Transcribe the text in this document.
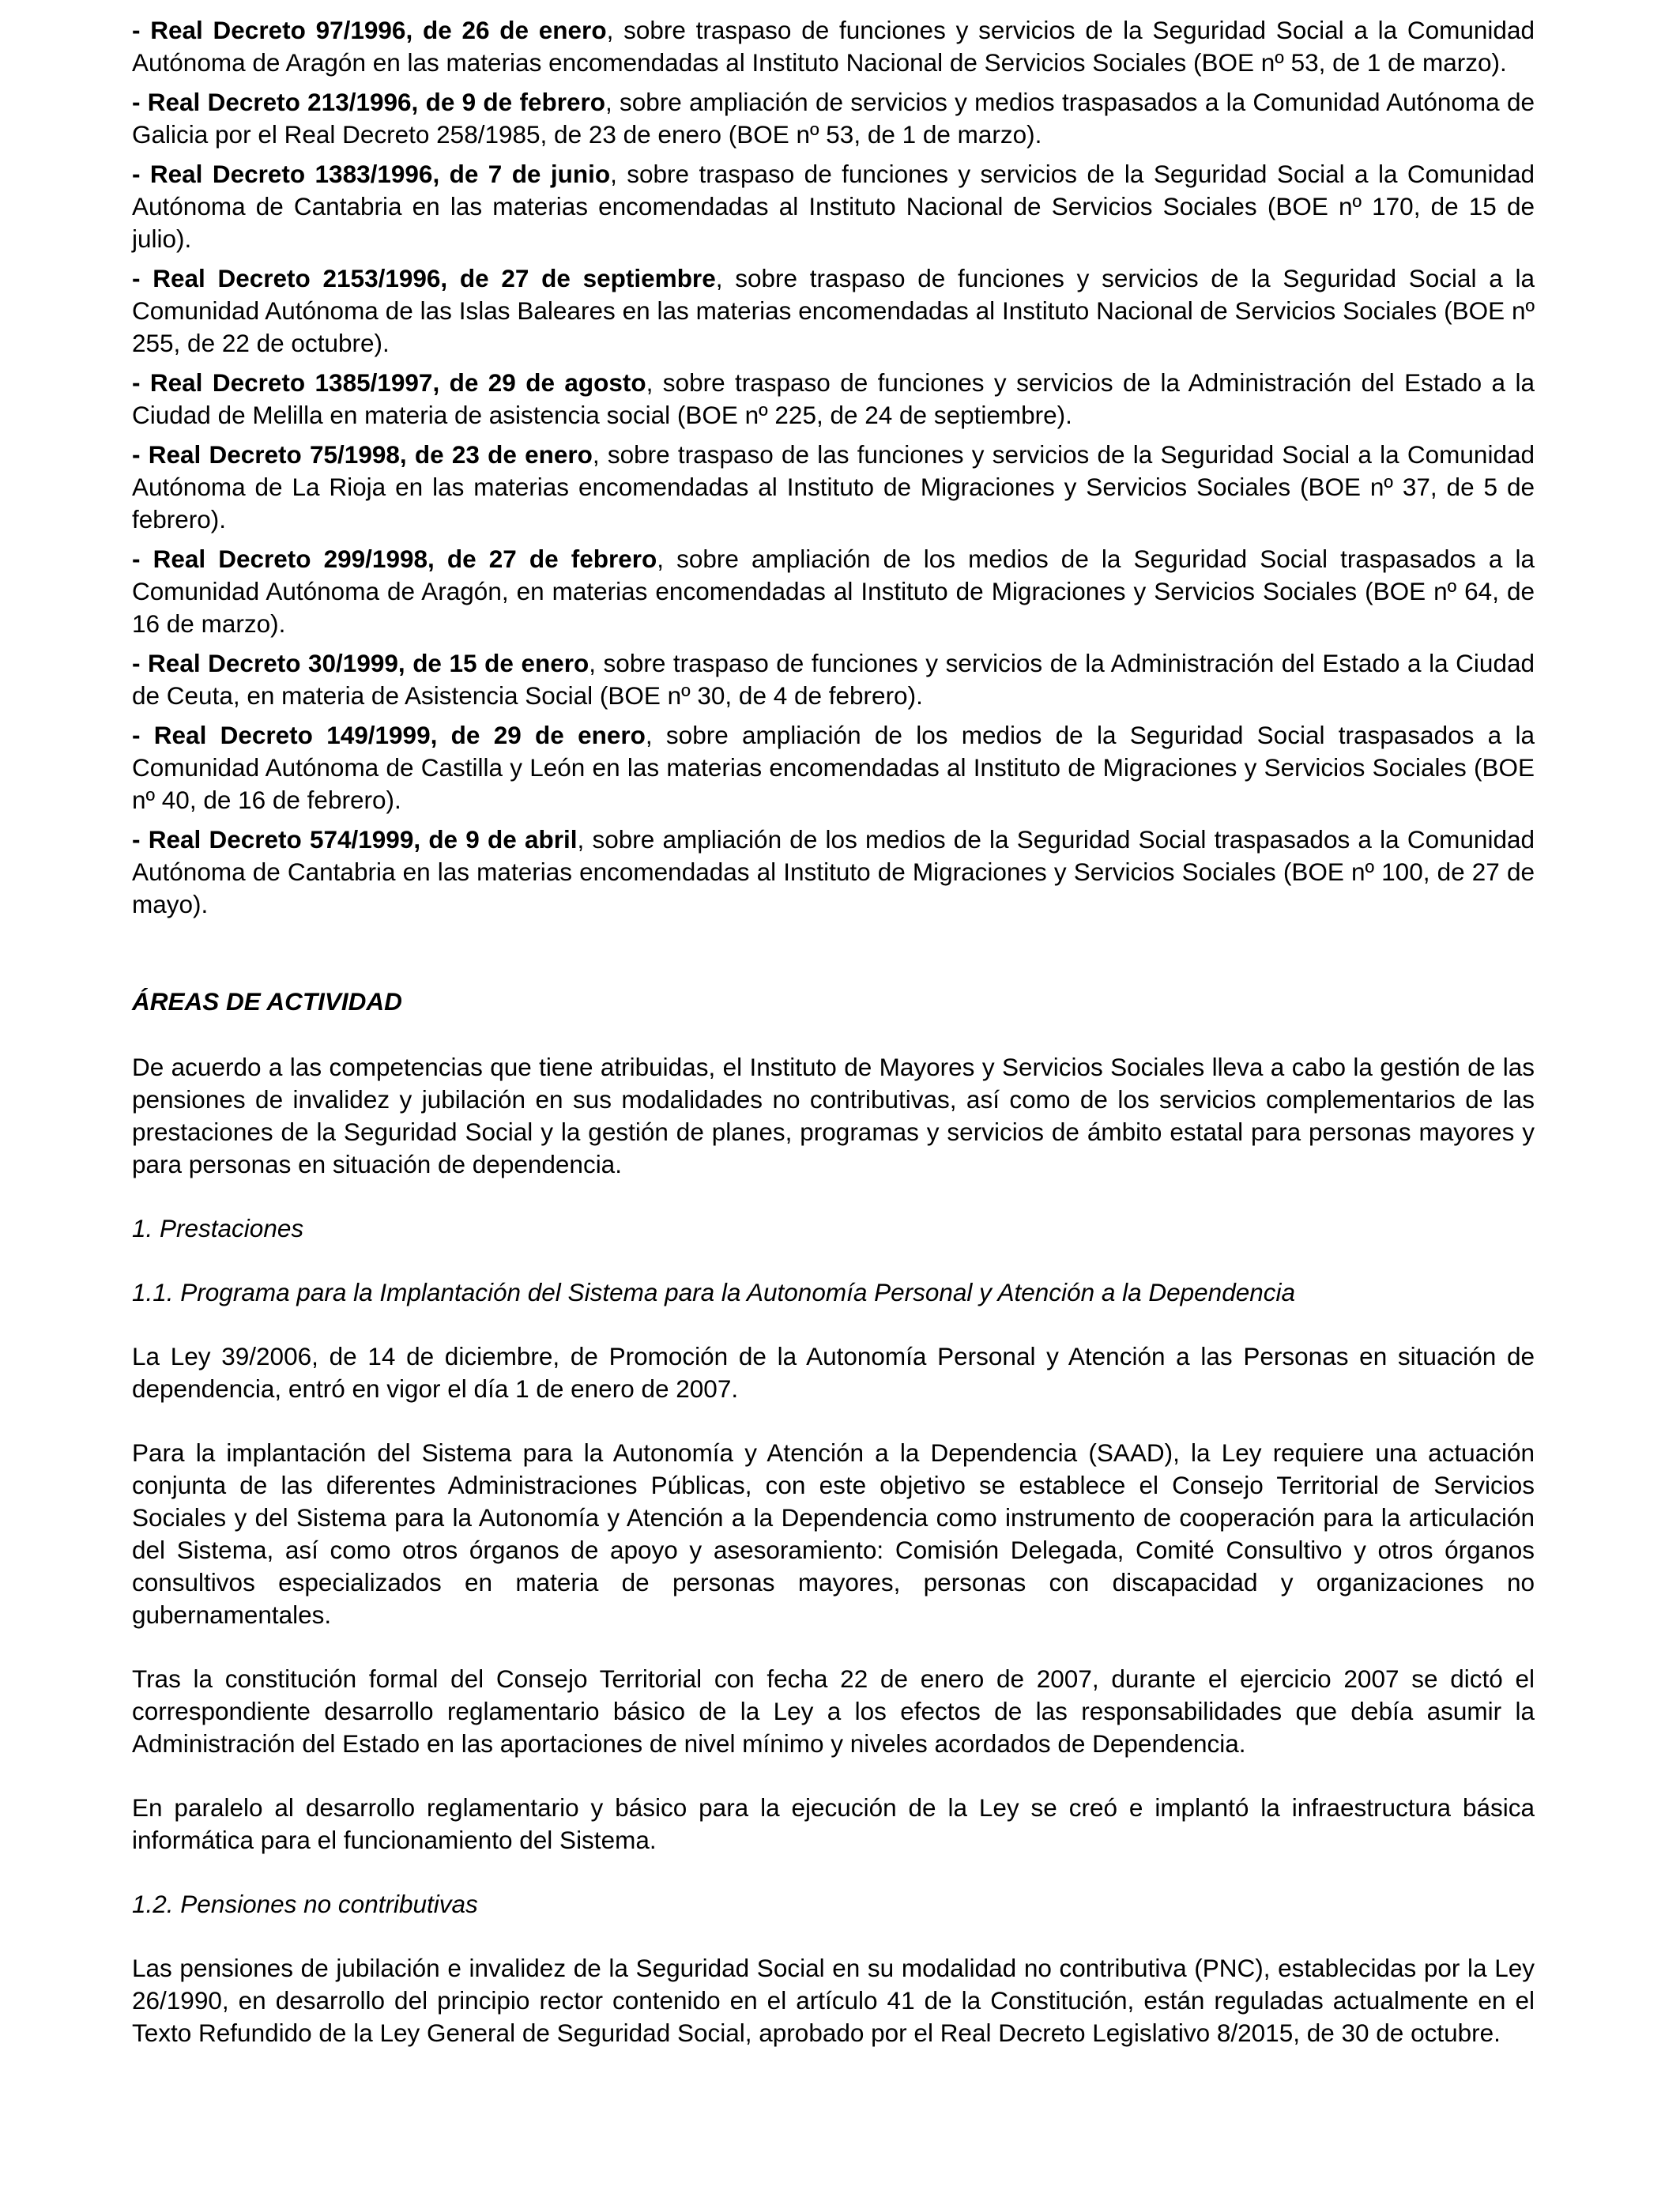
- Real Decreto 97/1996, de 26 de enero, sobre traspaso de funciones y servicios de la Seguridad Social a la Comunidad Autónoma de Aragón en las materias encomendadas al Instituto Nacional de Servicios Sociales (BOE nº 53, de 1 de marzo).

- Real Decreto 213/1996, de 9 de febrero, sobre ampliación de servicios y medios traspasados a la Comunidad Autónoma de Galicia por el Real Decreto 258/1985, de 23 de enero (BOE nº 53, de 1 de marzo).

- Real Decreto 1383/1996, de 7 de junio, sobre traspaso de funciones y servicios de la Seguridad Social a la Comunidad Autónoma de Cantabria en las materias encomendadas al Instituto Nacional de Servicios Sociales (BOE nº 170, de 15 de julio).

- Real Decreto 2153/1996, de 27 de septiembre, sobre traspaso de funciones y servicios de la Seguridad Social a la Comunidad Autónoma de las Islas Baleares en las materias encomendadas al Instituto Nacional de Servicios Sociales (BOE nº 255, de 22 de octubre).

- Real Decreto 1385/1997, de 29 de agosto, sobre traspaso de funciones y servicios de la Administración del Estado a la Ciudad de Melilla en materia de asistencia social (BOE nº 225, de 24 de septiembre).

- Real Decreto 75/1998, de 23 de enero, sobre traspaso de las funciones y servicios de la Seguridad Social a la Comunidad Autónoma de La Rioja en las materias encomendadas al Instituto de Migraciones y Servicios Sociales (BOE nº 37, de 5 de febrero).

- Real Decreto 299/1998, de 27 de febrero, sobre ampliación de los medios de la Seguridad Social traspasados a la Comunidad Autónoma de Aragón, en materias encomendadas al Instituto de Migraciones y Servicios Sociales (BOE nº 64, de 16 de marzo).

- Real Decreto 30/1999, de 15 de enero, sobre traspaso de funciones y servicios de la Administración del Estado a la Ciudad de Ceuta, en materia de Asistencia Social (BOE nº 30, de 4 de febrero).

- Real Decreto 149/1999, de 29 de enero, sobre ampliación de los medios de la Seguridad Social traspasados a la Comunidad Autónoma de Castilla y León en las materias encomendadas al Instituto de Migraciones y Servicios Sociales (BOE nº 40, de 16 de febrero).

- Real Decreto 574/1999, de 9 de abril, sobre ampliación de los medios de la Seguridad Social traspasados a la Comunidad Autónoma de Cantabria en las materias encomendadas al Instituto de Migraciones y Servicios Sociales (BOE nº 100, de 27 de mayo).

ÁREAS DE ACTIVIDAD

De acuerdo a las competencias que tiene atribuidas, el Instituto de Mayores y Servicios Sociales lleva a cabo la gestión de las pensiones de invalidez y jubilación en sus modalidades no contributivas, así como de los servicios complementarios de las prestaciones de la Seguridad Social y la gestión de planes, programas y servicios de ámbito estatal para personas mayores y para personas en situación de dependencia.

1. Prestaciones

1.1. Programa para la Implantación del Sistema para la Autonomía Personal y Atención a la Dependencia

La Ley 39/2006, de 14 de diciembre, de Promoción de la Autonomía Personal y Atención a las Personas en situación de dependencia, entró en vigor el día 1 de enero de 2007.

Para la implantación del Sistema para la Autonomía y Atención a la Dependencia (SAAD), la Ley requiere una actuación conjunta de las diferentes Administraciones Públicas, con este objetivo se establece el Consejo Territorial de Servicios Sociales y del Sistema para la Autonomía y Atención a la Dependencia como instrumento de cooperación para la articulación del Sistema, así como otros órganos de apoyo y asesoramiento: Comisión Delegada, Comité Consultivo y otros órganos consultivos especializados en materia de personas mayores, personas con discapacidad y organizaciones no gubernamentales.

Tras la constitución formal del Consejo Territorial con fecha 22 de enero de 2007, durante el ejercicio 2007 se dictó el correspondiente desarrollo reglamentario básico de la Ley a los efectos de las responsabilidades que debía asumir la Administración del Estado en las aportaciones de nivel mínimo y niveles acordados de Dependencia.

En paralelo al desarrollo reglamentario y básico para la ejecución de la Ley se creó e implantó la infraestructura básica informática para el funcionamiento del Sistema.

1.2. Pensiones no contributivas

Las pensiones de jubilación e invalidez de la Seguridad Social en su modalidad no contributiva (PNC), establecidas por la Ley 26/1990, en desarrollo del principio rector contenido en el artículo 41 de la Constitución, están reguladas actualmente en el Texto Refundido de la Ley General de Seguridad Social, aprobado por el Real Decreto Legislativo 8/2015, de 30 de octubre.
